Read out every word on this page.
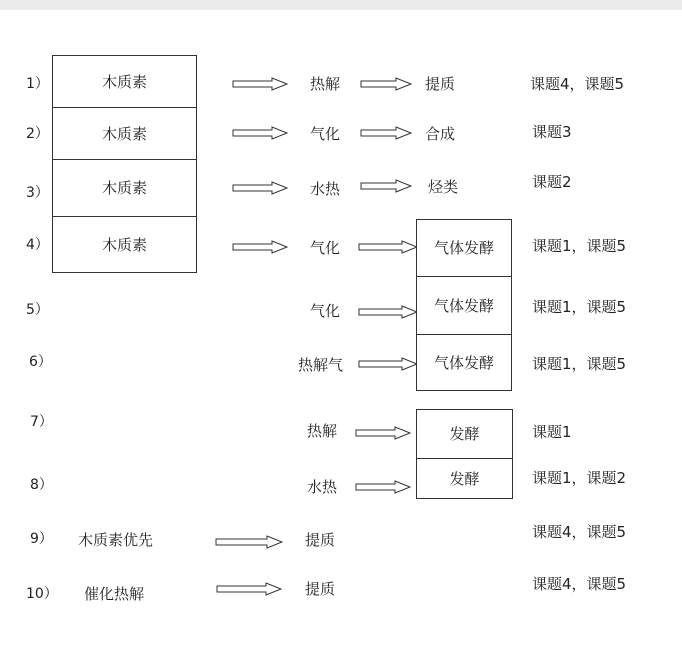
1）
2）
3）
4）
5）
6）
7）
8）
9）
10）
木质素
木质素
木质素
木质素
木质素优先
催化热解
热解
气化
水热
气化
气化
热解气
热解
水热
提质
合成
烃类
气体发酵
气体发酵
气体发酵
发酵
发酵
提质
提质
课题4，课题5
课题3
课题2
课题1，课题5
课题1，课题5
课题1，课题5
课题1
课题1，课题2
课题4，课题5
课题4，课题5
